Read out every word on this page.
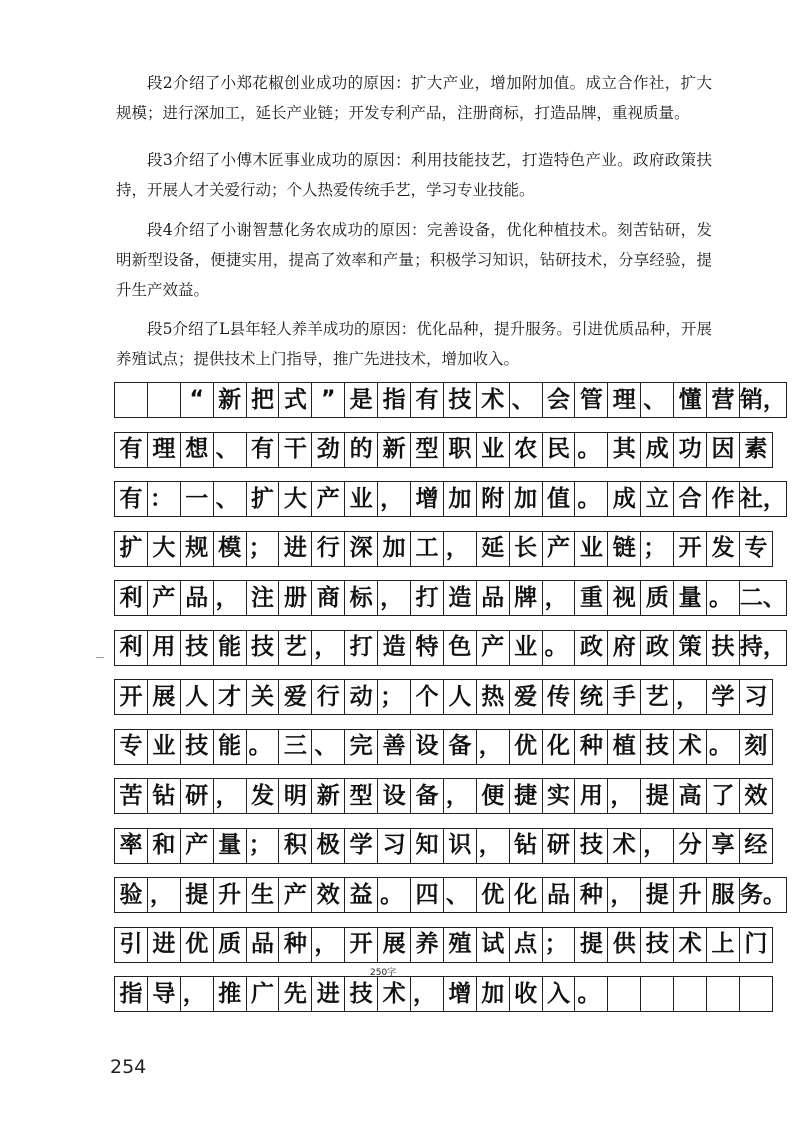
段2介绍了小郑花椒创业成功的原因：扩大产业，增加附加值。成立合作社，扩大规模；进行深加工，延长产业链；开发专利产品，注册商标，打造品牌，重视质量。

段3介绍了小傅木匠事业成功的原因：利用技能技艺，打造特色产业。政府政策扶持，开展人才关爱行动；个人热爱传统手艺，学习专业技能。

段4介绍了小谢智慧化务农成功的原因：完善设备，优化种植技术。刻苦钻研，发明新型设备，便捷实用，提高了效率和产量；积极学习知识，钻研技术，分享经验，提升生产效益。

段5介绍了L县年轻人养羊成功的原因：优化品种，提升服务。引进优质品种，开展养殖试点；提供技术上门指导，推广先进技术，增加收入。

“ 新 把 式 ” 是 指 有 技 术 、 会 管 理 、 懂 营 销，
有 理 想 、 有 干 劲 的 新 型 职 业 农 民 。 其 成 功 因 素
有 ： 一 、 扩 大 产 业 ， 增 加 附 加 值 。 成 立 合 作 社，
扩 大 规 模 ； 进 行 深 加 工 ， 延 长 产 业 链 ； 开 发 专
利 产 品 ， 注 册 商 标 ， 打 造 品 牌 ， 重 视 质 量 。 二、
利 用 技 能 技 艺 ， 打 造 特 色 产 业 。 政 府 政 策 扶 持，
开 展 人 才 关 爱 行 动 ； 个 人 热 爱 传 统 手 艺 ， 学 习
专 业 技 能 。 三 、 完 善 设 备 ， 优 化 种 植 技 术 。 刻
苦 钻 研 ， 发 明 新 型 设 备 ， 便 捷 实 用 ， 提 高 了 效
率 和 产 量 ； 积 极 学 习 知 识 ， 钻 研 技 术 ， 分 享 经
验 ， 提 升 生 产 效 益 。 四 、 优 化 品 种 ， 提 升 服 务。
引 进 优 质 品 种 ， 开 展 养 殖 试 点 ； 提 供 技 术 上 门
指 导 ， 推 广 先 进 技 术 ， 增 加 收 入 。
250字
254
